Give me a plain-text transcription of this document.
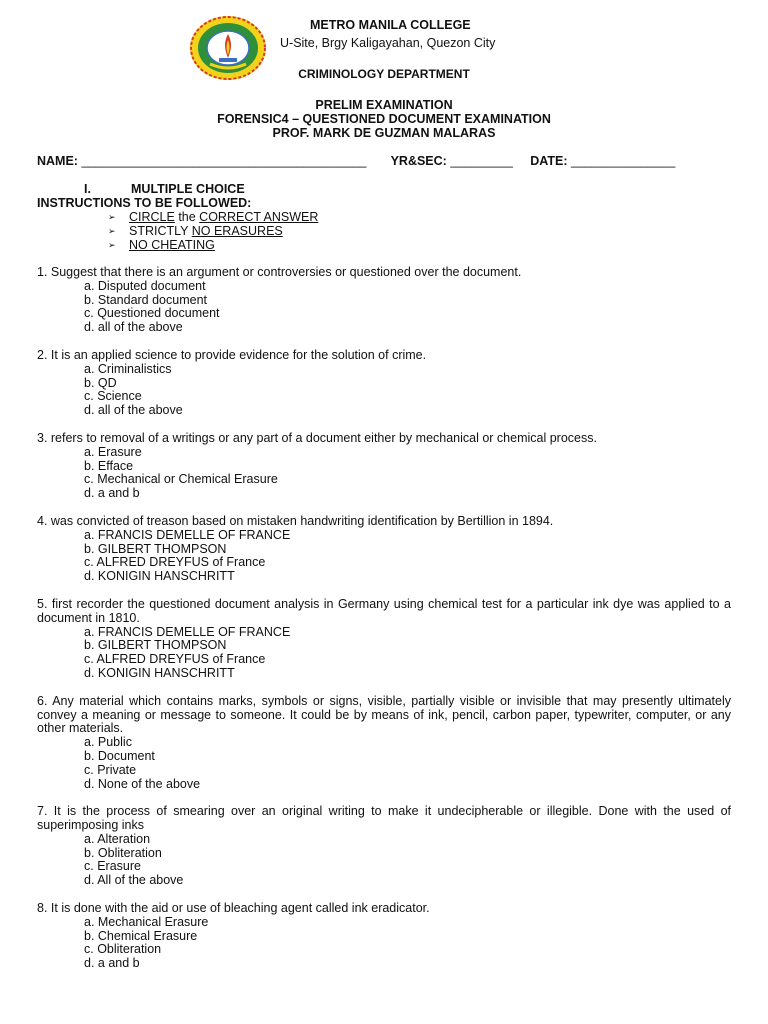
METRO MANILA COLLEGE
U-Site, Brgy Kaligayahan, Quezon City
CRIMINOLOGY DEPARTMENT
PRELIM EXAMINATION
FORENSIC4 – QUESTIONED DOCUMENT EXAMINATION
PROF. MARK DE GUZMAN MALARAS
NAME: _________________________________________ YR&SEC: _________ DATE: _______________
I.	MULTIPLE CHOICE
INSTRUCTIONS TO BE FOLLOWED:
➢	CIRCLE the CORRECT ANSWER
➢	STRICTLY NO ERASURES
➢	NO CHEATING
1. Suggest that there is an argument or controversies or questioned over the document.
a. Disputed document
b. Standard document
c. Questioned document
d. all of the above
2. It is an applied science to provide evidence for the solution of crime.
a. Criminalistics
b. QD
c. Science
d. all of the above
3. refers to removal of a writings or any part of a document either by mechanical or chemical process.
a. Erasure
b. Efface
c. Mechanical or Chemical Erasure
d. a and b
4. was convicted of treason based on mistaken handwriting identification by Bertillion in 1894.
a. FRANCIS DEMELLE OF FRANCE
b. GILBERT THOMPSON
c. ALFRED DREYFUS of France
d. KONIGIN HANSCHRITT
5. first recorder the questioned document analysis in Germany using chemical test for a particular ink dye was applied to a document in 1810.
a. FRANCIS DEMELLE OF FRANCE
b. GILBERT THOMPSON
c. ALFRED DREYFUS of France
d. KONIGIN HANSCHRITT
6. Any material which contains marks, symbols or signs, visible, partially visible or invisible that may presently ultimately convey a meaning or message to someone. It could be by means of ink, pencil, carbon paper, typewriter, computer, or any other materials.
a. Public
b. Document
c. Private
d. None of the above
7. It is the process of smearing over an original writing to make it undecipherable or illegible. Done with the used of superimposing inks
a. Alteration
b. Obliteration
c. Erasure
d. All of the above
8. It is done with the aid or use of bleaching agent called ink eradicator.
a. Mechanical Erasure
b. Chemical Erasure
c. Obliteration
d. a and b
